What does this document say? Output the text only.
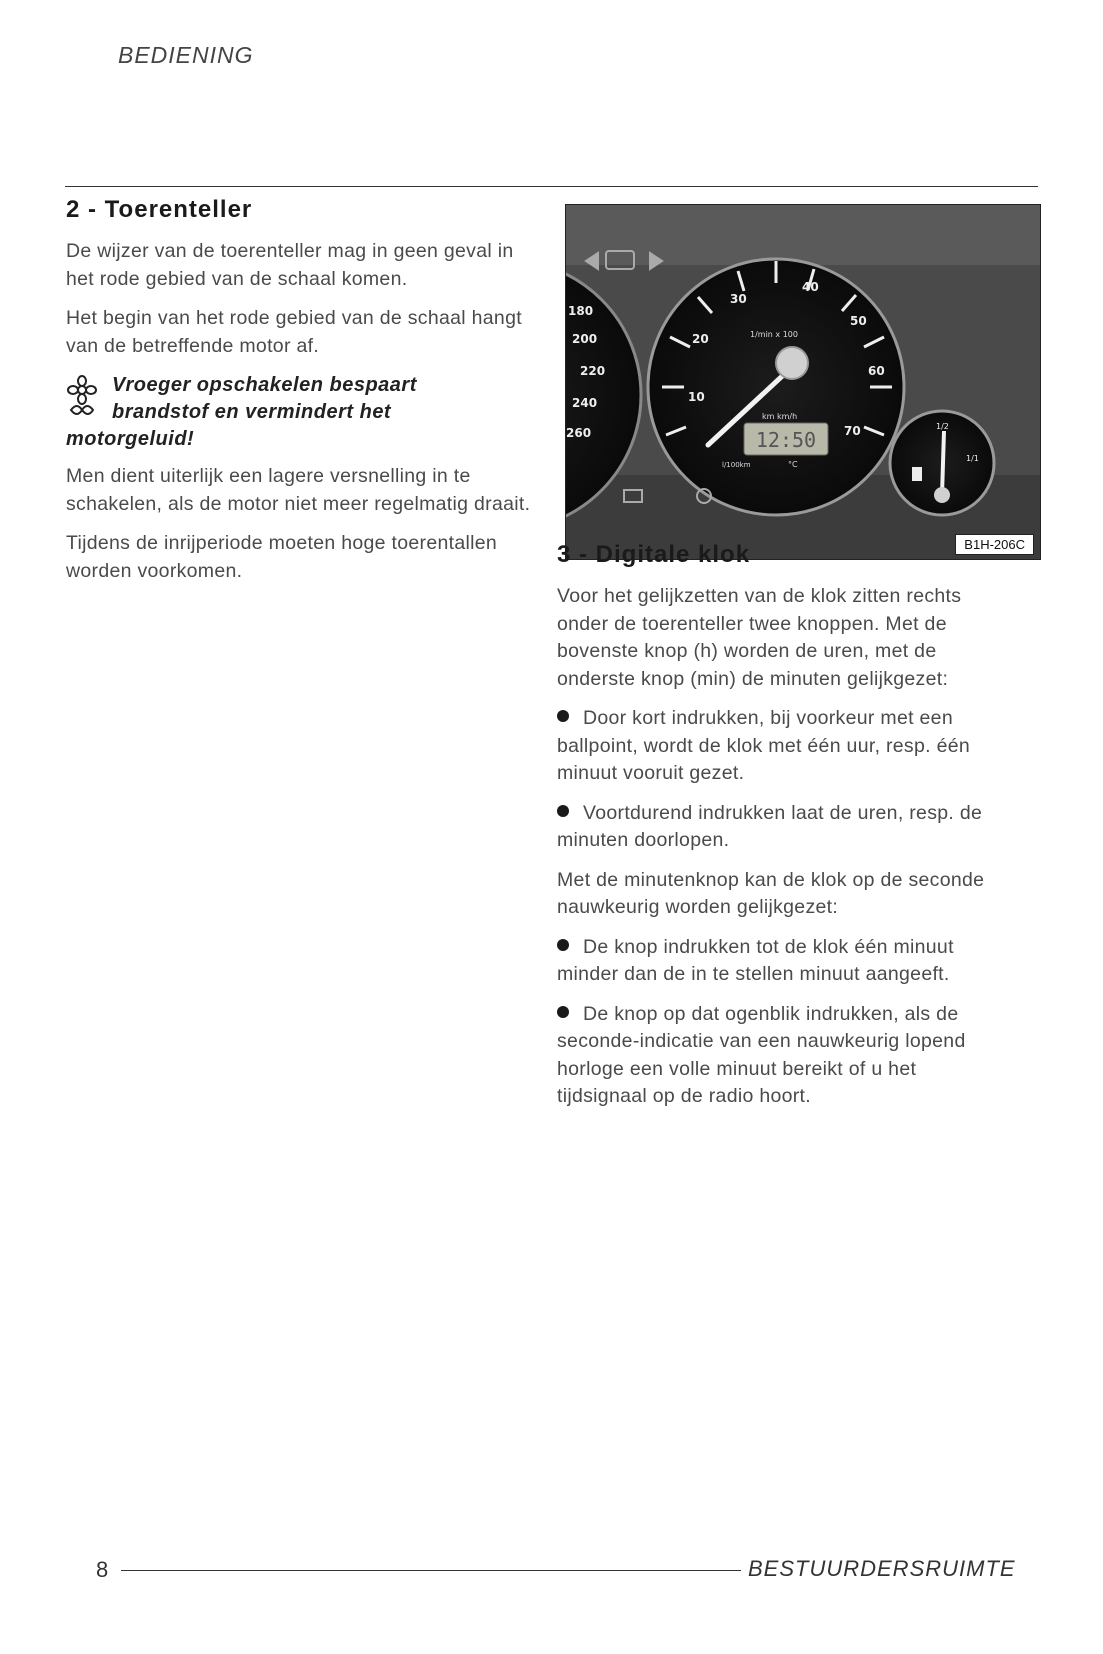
BEDIENING
2 - Toerenteller

De wijzer van de toerenteller mag in geen geval in het rode gebied van de schaal komen.

Het begin van het rode gebied van de schaal hangt van de betreffende motor af.

Vroeger opschakelen bespaart
brandstof en vermindert het
motorgeluid!

Men dient uiterlijk een lagere versnelling in te schakelen, als de motor niet meer regelmatig draait.

Tijdens de inrijperiode moeten hoge toerentallen worden voorkomen.

180
200
220
240
260
10
20
30
40
50
60
70
1/min x 100
km km/h
12:50
l/100km	°C
1/2
1/1
B1H-206C
3 - Digitale klok

Voor het gelijkzetten van de klok zitten rechts onder de toerenteller twee knoppen. Met de bovenste knop (h) worden de uren, met de onderste knop (min) de minuten gelijkgezet:

Door kort indrukken, bij voorkeur met een ballpoint, wordt de klok met één uur, resp. één minuut vooruit gezet.
Voortdurend indrukken laat de uren, resp. de minuten doorlopen.

Met de minutenknop kan de klok op de seconde nauwkeurig worden gelijkgezet:

De knop indrukken tot de klok één minuut minder dan de in te stellen minuut aangeeft.
De knop op dat ogenblik indrukken, als de seconde-indicatie van een nauwkeurig lopend horloge een volle minuut bereikt of u het tijdsignaal op de radio hoort.
8	BESTUURDERSRUIMTE
